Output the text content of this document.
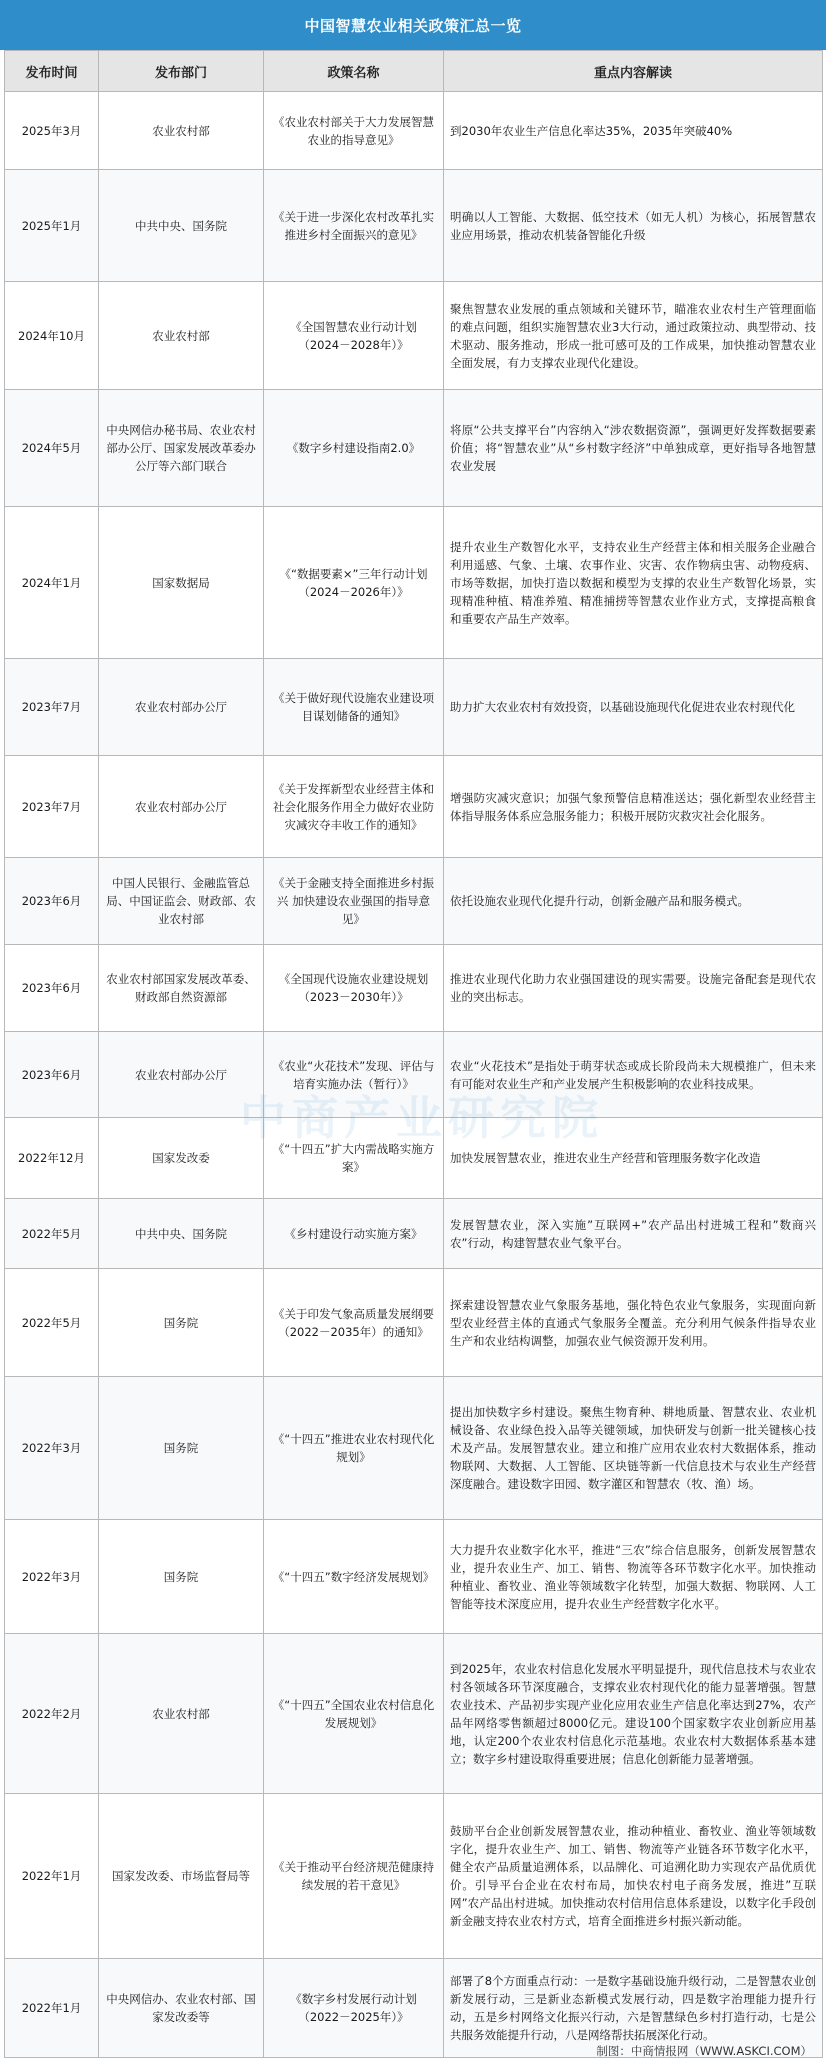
中国智慧农业相关政策汇总一览
发布时间	发布部门	政策名称	重点内容解读
2025年3月	农业农村部	《农业农村部关于大力发展智慧农业的指导意见》	到2030年农业生产信息化率达35%，2035年突破40%
2025年1月	中共中央、国务院	《关于进一步深化农村改革扎实推进乡村全面振兴的意见》	明确以人工智能、大数据、低空技术（如无人机）为核心，拓展智慧农业应用场景，推动农机装备智能化升级
2024年10月	农业农村部	《全国智慧农业行动计划（2024－2028年）》	聚焦智慧农业发展的重点领域和关键环节，瞄准农业农村生产管理面临的难点问题，组织实施智慧农业3大行动，通过政策拉动、典型带动、技术驱动、服务推动，形成一批可感可及的工作成果，加快推动智慧农业全面发展，有力支撑农业现代化建设。
2024年5月	中央网信办秘书局、农业农村部办公厅、国家发展改革委办公厅等六部门联合	《数字乡村建设指南2.0》	将原“公共支撑平台”内容纳入“涉农数据资源”，强调更好发挥数据要素价值；将“智慧农业”从“乡村数字经济”中单独成章，更好指导各地智慧农业发展
2024年1月	国家数据局	《“数据要素×”三年行动计划（2024－2026年）》	提升农业生产数智化水平，支持农业生产经营主体和相关服务企业融合利用遥感、气象、土壤、农事作业、灾害、农作物病虫害、动物疫病、市场等数据，加快打造以数据和模型为支撑的农业生产数智化场景，实现精准种植、精准养殖、精准捕捞等智慧农业作业方式，支撑提高粮食和重要农产品生产效率。
2023年7月	农业农村部办公厅	《关于做好现代设施农业建设项目谋划储备的通知》	助力扩大农业农村有效投资，以基础设施现代化促进农业农村现代化
2023年7月	农业农村部办公厅	《关于发挥新型农业经营主体和社会化服务作用全力做好农业防灾减灾夺丰收工作的通知》	增强防灾减灾意识；加强气象预警信息精准送达；强化新型农业经营主体指导服务体系应急服务能力；积极开展防灾救灾社会化服务。
2023年6月	中国人民银行、金融监管总局、中国证监会、财政部、农业农村部	《关于金融支持全面推进乡村振兴 加快建设农业强国的指导意见》	依托设施农业现代化提升行动，创新金融产品和服务模式。
2023年6月	农业农村部国家发展改革委、财政部自然资源部	《全国现代设施农业建设规划（2023－2030年）》	推进农业现代化助力农业强国建设的现实需要。设施完备配套是现代农业的突出标志。
2023年6月	农业农村部办公厅	《农业“火花技术”发现、评估与培育实施办法（暂行）》	农业“火花技术”是指处于萌芽状态或成长阶段尚未大规模推广，但未来有可能对农业生产和产业发展产生积极影响的农业科技成果。
2022年12月	国家发改委	《“十四五”扩大内需战略实施方案》	加快发展智慧农业，推进农业生产经营和管理服务数字化改造
2022年5月	中共中央、国务院	《乡村建设行动实施方案》	发展智慧农业，深入实施”互联网+”农产品出村进城工程和”数商兴农”行动，构建智慧农业气象平台。
2022年5月	国务院	《关于印发气象高质量发展纲要（2022－2035年）的通知》	探索建设智慧农业气象服务基地，强化特色农业气象服务，实现面向新型农业经营主体的直通式气象服务全覆盖。充分利用气候条件指导农业生产和农业结构调整，加强农业气候资源开发利用。
2022年3月	国务院	《“十四五”推进农业农村现代化规划》	提出加快数字乡村建设。聚焦生物育种、耕地质量、智慧农业、农业机械设备、农业绿色投入品等关键领域，加快研发与创新一批关键核心技术及产品。发展智慧农业。建立和推广应用农业农村大数据体系，推动物联网、大数据、人工智能、区块链等新一代信息技术与农业生产经营深度融合。建设数字田园、数字灌区和智慧农（牧、渔）场。
2022年3月	国务院	《“十四五”数字经济发展规划》	大力提升农业数字化水平，推进“三农”综合信息服务，创新发展智慧农业，提升农业生产、加工、销售、物流等各环节数字化水平。加快推动种植业、畜牧业、渔业等领域数字化转型，加强大数据、物联网、人工智能等技术深度应用，提升农业生产经营数字化水平。
2022年2月	农业农村部	《“十四五”全国农业农村信息化发展规划》	到2025年，农业农村信息化发展水平明显提升，现代信息技术与农业农村各领域各环节深度融合，支撑农业农村现代化的能力显著增强。智慧农业技术、产品初步实现产业化应用农业生产信息化率达到27%，农产品年网络零售额超过8000亿元。建设100个国家数字农业创新应用基地，认定200个农业农村信息化示范基地。农业农村大数据体系基本建立；数字乡村建设取得重要进展；信息化创新能力显著增强。
2022年1月	国家发改委、市场监督局等	《关于推动平台经济规范健康持续发展的若干意见》	鼓励平台企业创新发展智慧农业，推动种植业、畜牧业、渔业等领域数字化，提升农业生产、加工、销售、物流等产业链各环节数字化水平，健全农产品质量追溯体系，以品牌化、可追溯化助力实现农产品优质优价。引导平台企业在农村布局，加快农村电子商务发展，推进”互联网”农产品出村进城。加快推动农村信用信息体系建设，以数字化手段创新金融支持农业农村方式，培育全面推进乡村振兴新动能。
2022年1月	中央网信办、农业农村部、国家发改委等	《数字乡村发展行动计划（2022－2025年）》	部署了8个方面重点行动：一是数字基础设施升级行动，二是智慧农业创新发展行动，三是新业态新模式发展行动，四是数字治理能力提升行动，五是乡村网络文化振兴行动，六是智慧绿色乡村打造行动，七是公共服务效能提升行动，八是网络帮扶拓展深化行动。
中商产业研究院
制图：中商情报网（WWW.ASKCI.COM）
